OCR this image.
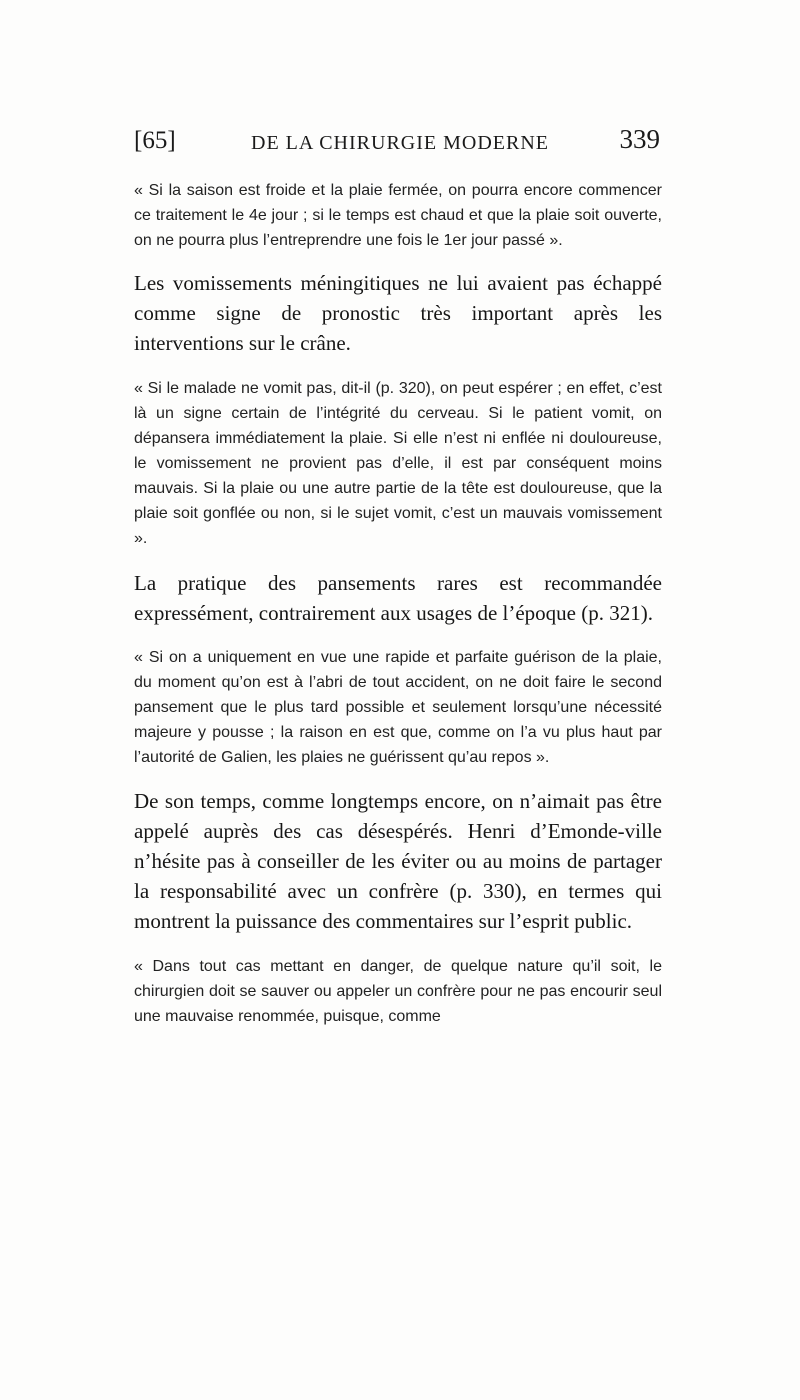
[65]	DE LA CHIRURGIE MODERNE	339

« Si la saison est froide et la plaie fermée, on pourra encore commencer ce traitement le 4e jour ; si le temps est chaud et que la plaie soit ouverte, on ne pourra plus l’entreprendre une fois le 1er jour passé ».

Les vomissements méningitiques ne lui avaient pas échappé comme signe de pronostic très important après les interventions sur le crâne.

« Si le malade ne vomit pas, dit-il (p. 320), on peut espérer ; en effet, c’est là un signe certain de l’intégrité du cerveau. Si le patient vomit, on dépansera immédiatement la plaie. Si elle n’est ni enflée ni douloureuse, le vomissement ne provient pas d’elle, il est par conséquent moins mauvais. Si la plaie ou une autre partie de la tête est douloureuse, que la plaie soit gonflée ou non, si le sujet vomit, c’est un mauvais vomissement ».

La pratique des pansements rares est recommandée expressément, contrairement aux usages de l’époque (p. 321).

« Si on a uniquement en vue une rapide et parfaite guérison de la plaie, du moment qu’on est à l’abri de tout accident, on ne doit faire le second pansement que le plus tard possible et seulement lorsqu’une nécessité majeure y pousse ; la raison en est que, comme on l’a vu plus haut par l’autorité de Galien, les plaies ne guérissent qu’au repos ».

De son temps, comme longtemps encore, on n’aimait pas être appelé auprès des cas désespérés. Henri d’Emonde-ville n’hésite pas à conseiller de les éviter ou au moins de partager la responsabilité avec un confrère (p. 330), en termes qui montrent la puissance des commentaires sur l’esprit public.

« Dans tout cas mettant en danger, de quelque nature qu’il soit, le chirurgien doit se sauver ou appeler un confrère pour ne pas encourir seul une mauvaise renommée, puisque, comme
